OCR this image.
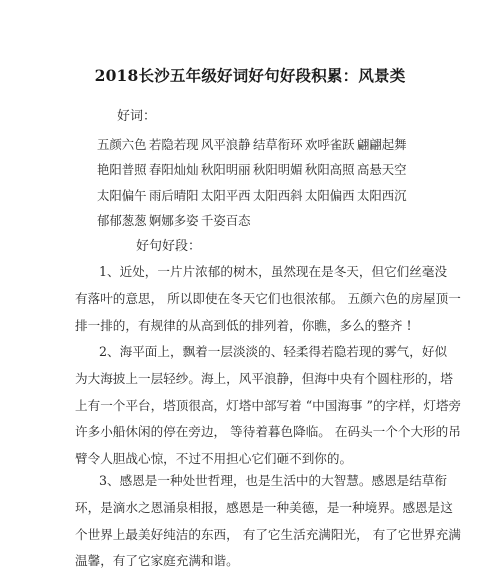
2018长沙五年级好词好句好段积累：风景类
好词：
五颜六色 若隐若现 风平浪静 结草衔环 欢呼雀跃 翩翩起舞
艳阳普照 春阳灿灿 秋阳明丽 秋阳明媚 秋阳高照 高悬天空
太阳偏午 雨后晴阳 太阳平西 太阳西斜 太阳偏西 太阳西沉
郁郁葱葱 婀娜多姿 千姿百态
好句好段：
1、近处，一片片浓郁的树木，虽然现在是冬天，但它们丝毫没
有落叶的意思， 所以即使在冬天它们也很浓郁。 五颜六色的房屋顶一
排一排的，有规律的从高到低的排列着，你瞧，多么的整齐 !
2、海平面上，飘着一层淡淡的、轻柔得若隐若现的雾气，好似
为大海披上一层轻纱。海上，风平浪静，但海中央有个圆柱形的，塔
上有一个平台，塔顶很高，灯塔中部写着 “中国海事 ”的字样，灯塔旁
许多小船休闲的停在旁边， 等待着暮色降临。 在码头一个个大形的吊
臂令人胆战心惊，不过不用担心它们砸不到你的。
3、感恩是一种处世哲理，也是生活中的大智慧。感恩是结草衔
环，是滴水之恩涌泉相报，感恩是一种美德，是一种境界。感恩是这
个世界上最美好纯洁的东西， 有了它生活充满阳光， 有了它世界充满
温馨，有了它家庭充满和谐。
